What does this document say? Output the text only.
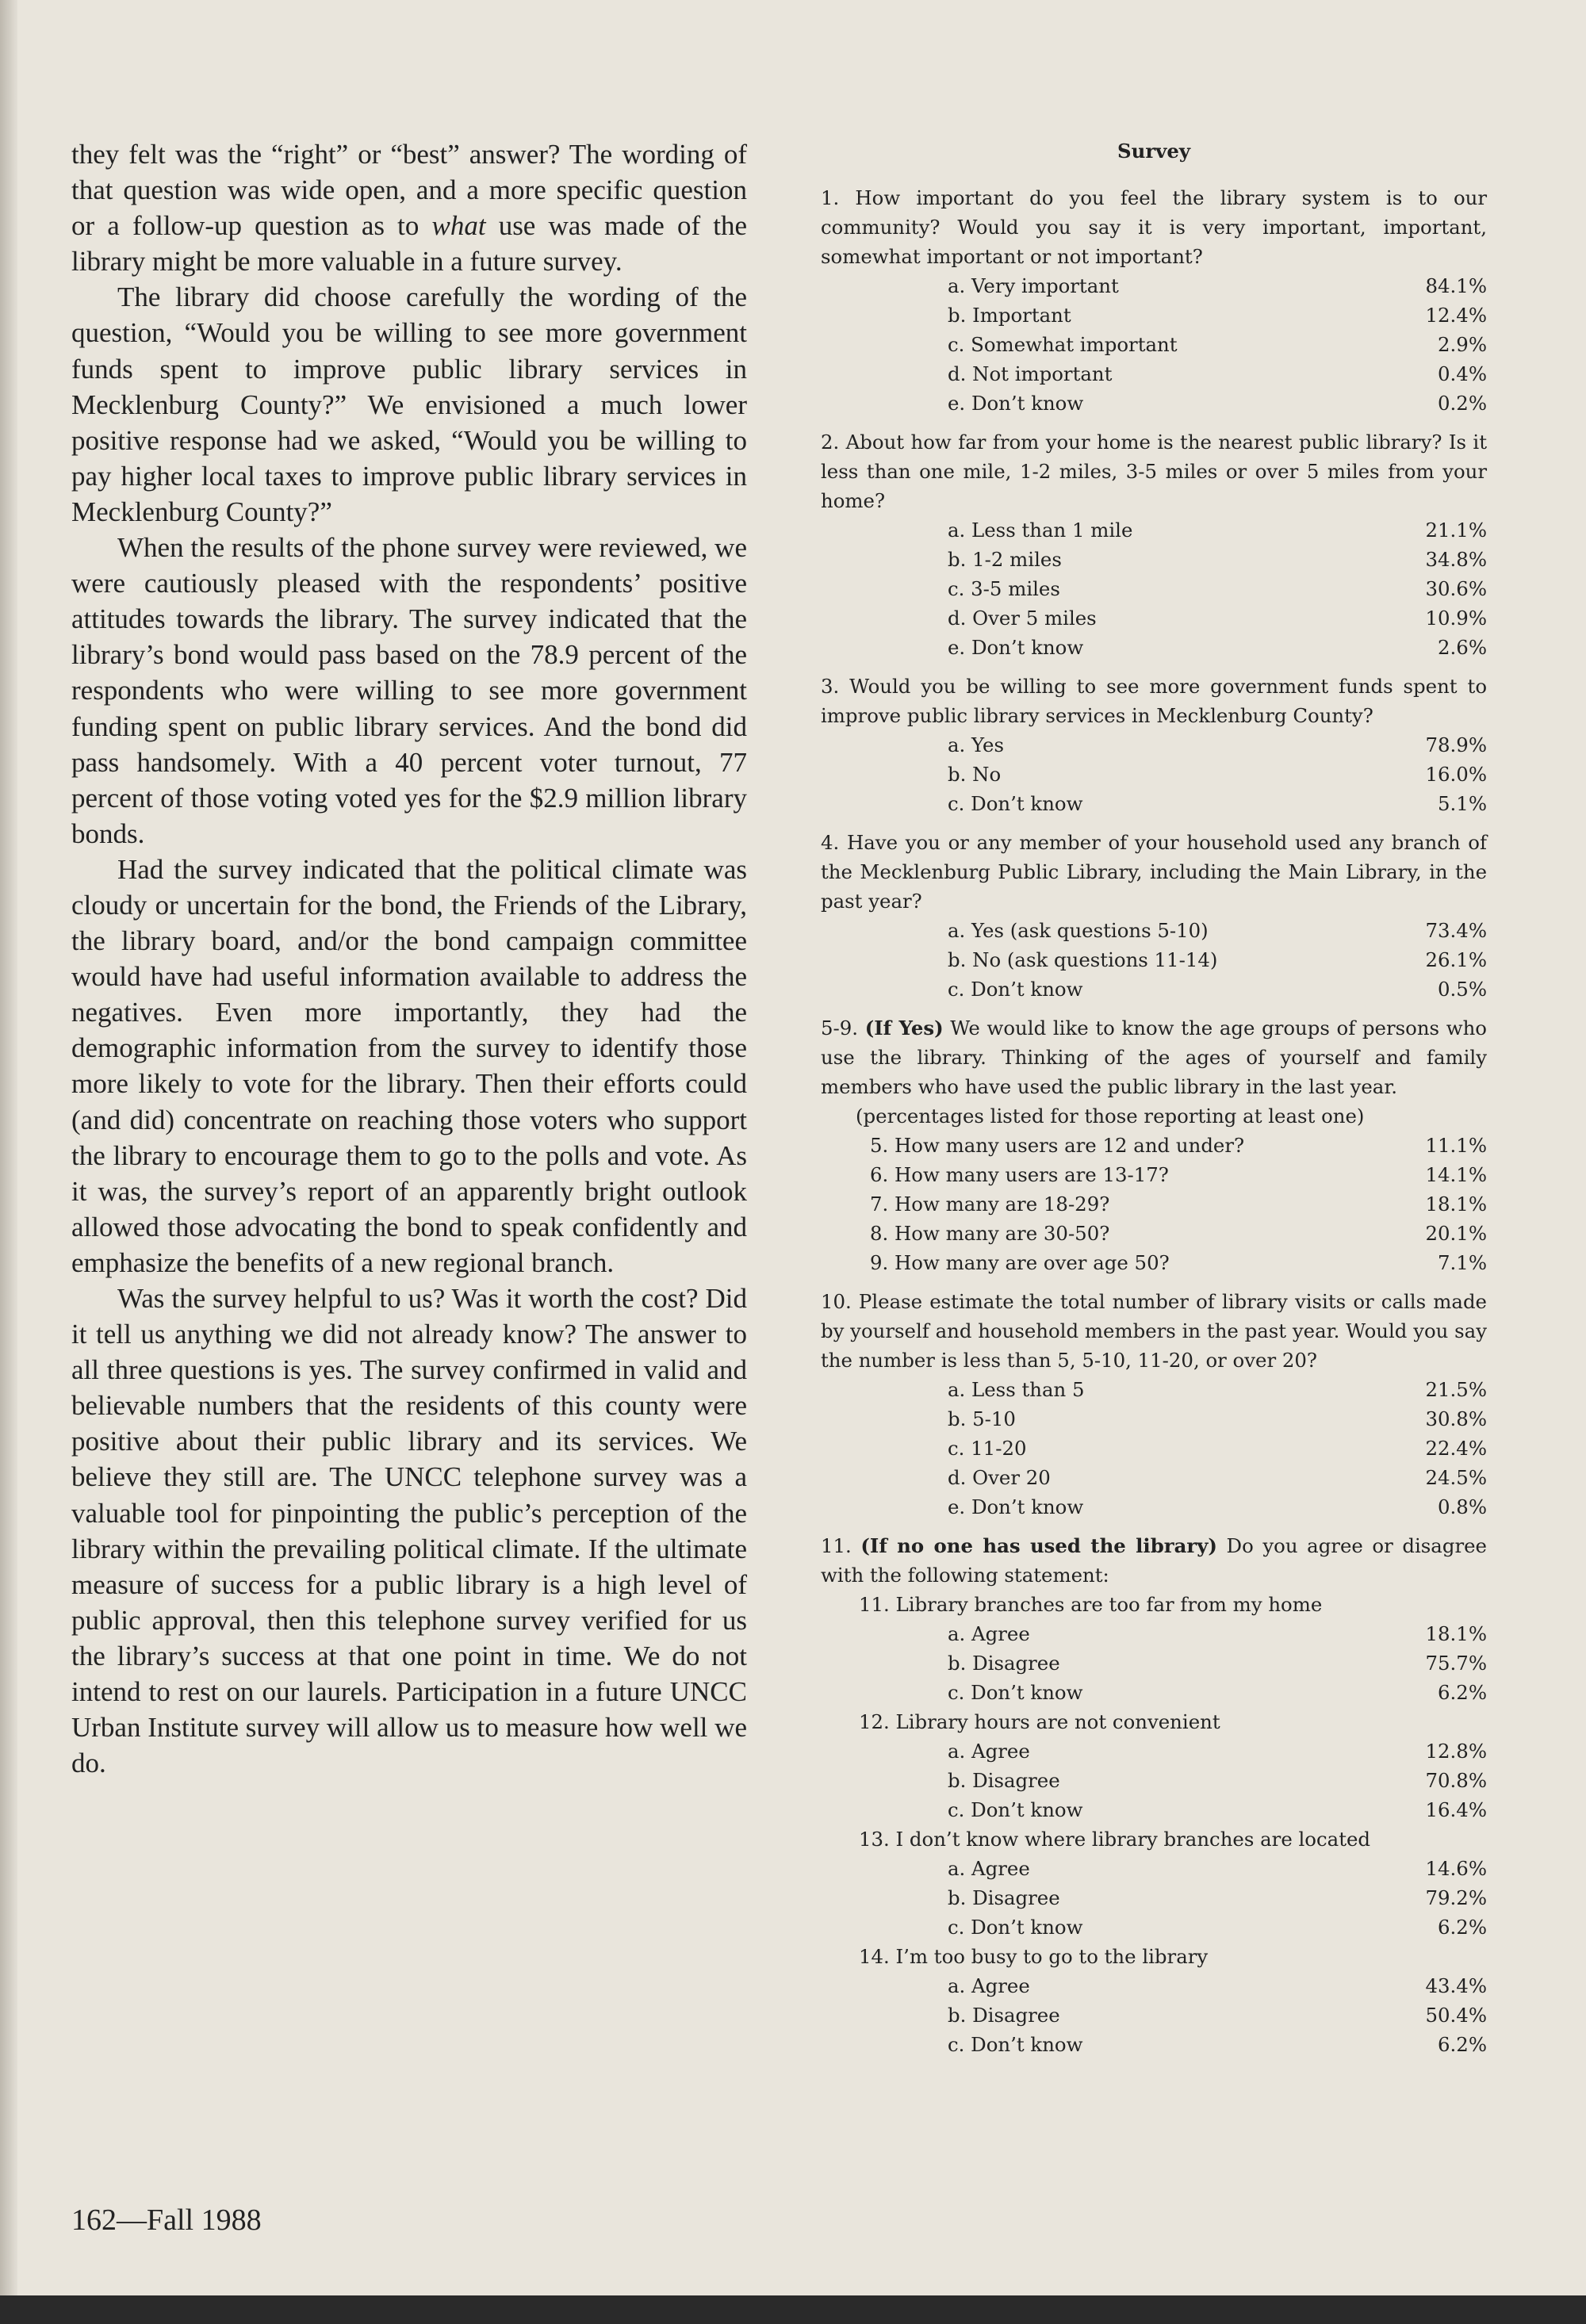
they felt was the “right” or “best” answer? The wording of that question was wide open, and a more specific question or a follow-up question as to what use was made of the library might be more valuable in a future survey.

The library did choose carefully the wording of the question, “Would you be willing to see more government funds spent to improve public library services in Mecklenburg County?” We envisioned a much lower positive response had we asked, “Would you be willing to pay higher local taxes to improve public library services in Mecklenburg County?”

When the results of the phone survey were reviewed, we were cautiously pleased with the respondents’ positive attitudes towards the library. The survey indicated that the library’s bond would pass based on the 78.9 percent of the respondents who were willing to see more government funding spent on public library services. And the bond did pass handsomely. With a 40 percent voter turnout, 77 percent of those voting voted yes for the $2.9 million library bonds.

Had the survey indicated that the political climate was cloudy or uncertain for the bond, the Friends of the Library, the library board, and/or the bond campaign committee would have had useful information available to address the negatives. Even more importantly, they had the demographic information from the survey to identify those more likely to vote for the library. Then their efforts could (and did) concentrate on reaching those voters who support the library to encourage them to go to the polls and vote. As it was, the survey’s report of an apparently bright outlook allowed those advocating the bond to speak confidently and emphasize the benefits of a new regional branch.

Was the survey helpful to us? Was it worth the cost? Did it tell us anything we did not already know? The answer to all three questions is yes. The survey confirmed in valid and believable numbers that the residents of this county were positive about their public library and its services. We believe they still are. The UNCC telephone survey was a valuable tool for pinpointing the public’s perception of the library within the prevailing political climate. If the ultimate measure of success for a public library is a high level of public approval, then this telephone survey verified for us the library’s success at that one point in time. We do not intend to rest on our laurels. Participation in a future UNCC Urban Institute survey will allow us to measure how well we do.

162—Fall 1988
Survey

1. How important do you feel the library system is to our community? Would you say it is very important, important, somewhat important or not important?

a. Very important	84.1%
b. Important	12.4%
c. Somewhat important	2.9%
d. Not important	0.4%
e. Don’t know	0.2%

2. About how far from your home is the nearest public library? Is it less than one mile, 1-2 miles, 3-5 miles or over 5 miles from your home?

a. Less than 1 mile	21.1%
b. 1-2 miles	34.8%
c. 3-5 miles	30.6%
d. Over 5 miles	10.9%
e. Don’t know	2.6%

3. Would you be willing to see more government funds spent to improve public library services in Mecklenburg County?

a. Yes	78.9%
b. No	16.0%
c. Don’t know	5.1%

4. Have you or any member of your household used any branch of the Mecklenburg Public Library, including the Main Library, in the past year?

a. Yes (ask questions 5-10)	73.4%
b. No (ask questions 11-14)	26.1%
c. Don’t know	0.5%

5-9. (If Yes) We would like to know the age groups of persons who use the library. Thinking of the ages of yourself and family members who have used the public library in the last year.

(percentages listed for those reporting at least one)
5. How many users are 12 and under?	11.1%
6. How many users are 13-17?	14.1%
7. How many are 18-29?	18.1%
8. How many are 30-50?	20.1%
9. How many are over age 50?	7.1%

10. Please estimate the total number of library visits or calls made by yourself and household members in the past year. Would you say the number is less than 5, 5-10, 11-20, or over 20?

a. Less than 5	21.5%
b. 5-10	30.8%
c. 11-20	22.4%
d. Over 20	24.5%
e. Don’t know	0.8%

11. (If no one has used the library) Do you agree or disagree with the following statement:

11. Library branches are too far from my home
a. Agree	18.1%
b. Disagree	75.7%
c. Don’t know	6.2%
12. Library hours are not convenient
a. Agree	12.8%
b. Disagree	70.8%
c. Don’t know	16.4%
13. I don’t know where library branches are located
a. Agree	14.6%
b. Disagree	79.2%
c. Don’t know	6.2%
14. I’m too busy to go to the library
a. Agree	43.4%
b. Disagree	50.4%
c. Don’t know	6.2%
